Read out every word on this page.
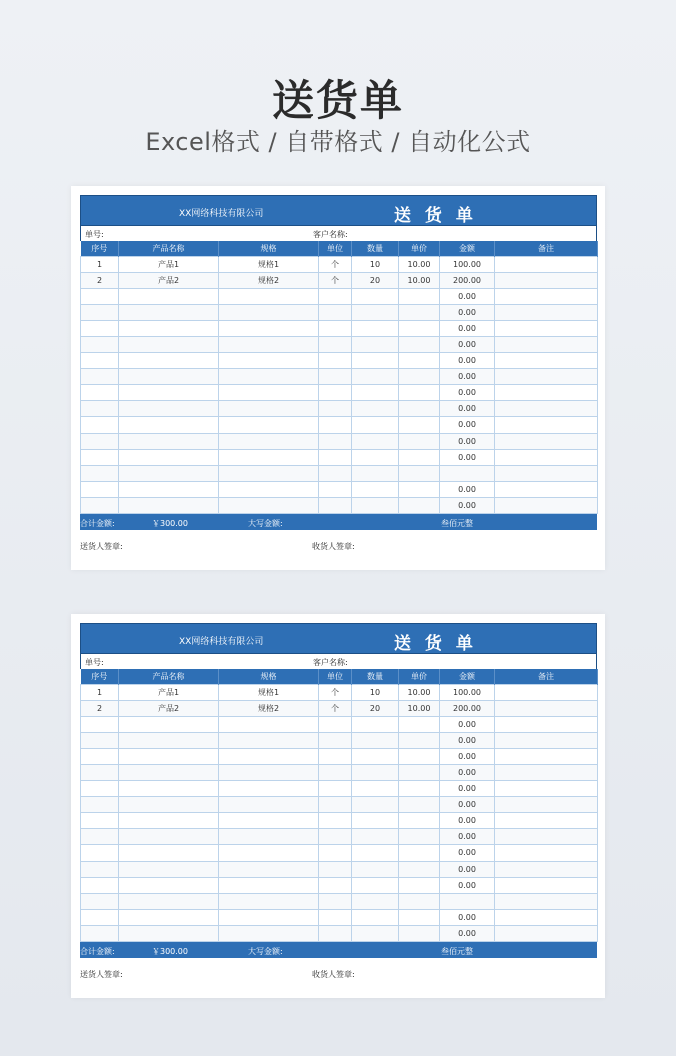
送货单
Excel格式 / 自带格式 / 自动化公式
XX网络科技有限公司	送 货 单
单号:	客户名称:
序号	产品名称	规格	单位	数量	单价	金额	备注
1	产品1	规格1	个	10	10.00	100.00	
2	产品2	规格2	个	20	10.00	200.00	
						0.00	
						0.00	
						0.00	
						0.00	
						0.00	
						0.00	
						0.00	
						0.00	
						0.00	
						0.00	
						0.00	

						0.00	
						0.00	
合计金额:	￥300.00	大写金额:	叁佰元整
送货人签章:	收货人签章:
XX网络科技有限公司	送 货 单
单号:	客户名称:
序号	产品名称	规格	单位	数量	单价	金额	备注
1	产品1	规格1	个	10	10.00	100.00	
2	产品2	规格2	个	20	10.00	200.00	
						0.00	
						0.00	
						0.00	
						0.00	
						0.00	
						0.00	
						0.00	
						0.00	
						0.00	
						0.00	
						0.00	

						0.00	
						0.00	
合计金额:	￥300.00	大写金额:	叁佰元整
送货人签章:	收货人签章:
